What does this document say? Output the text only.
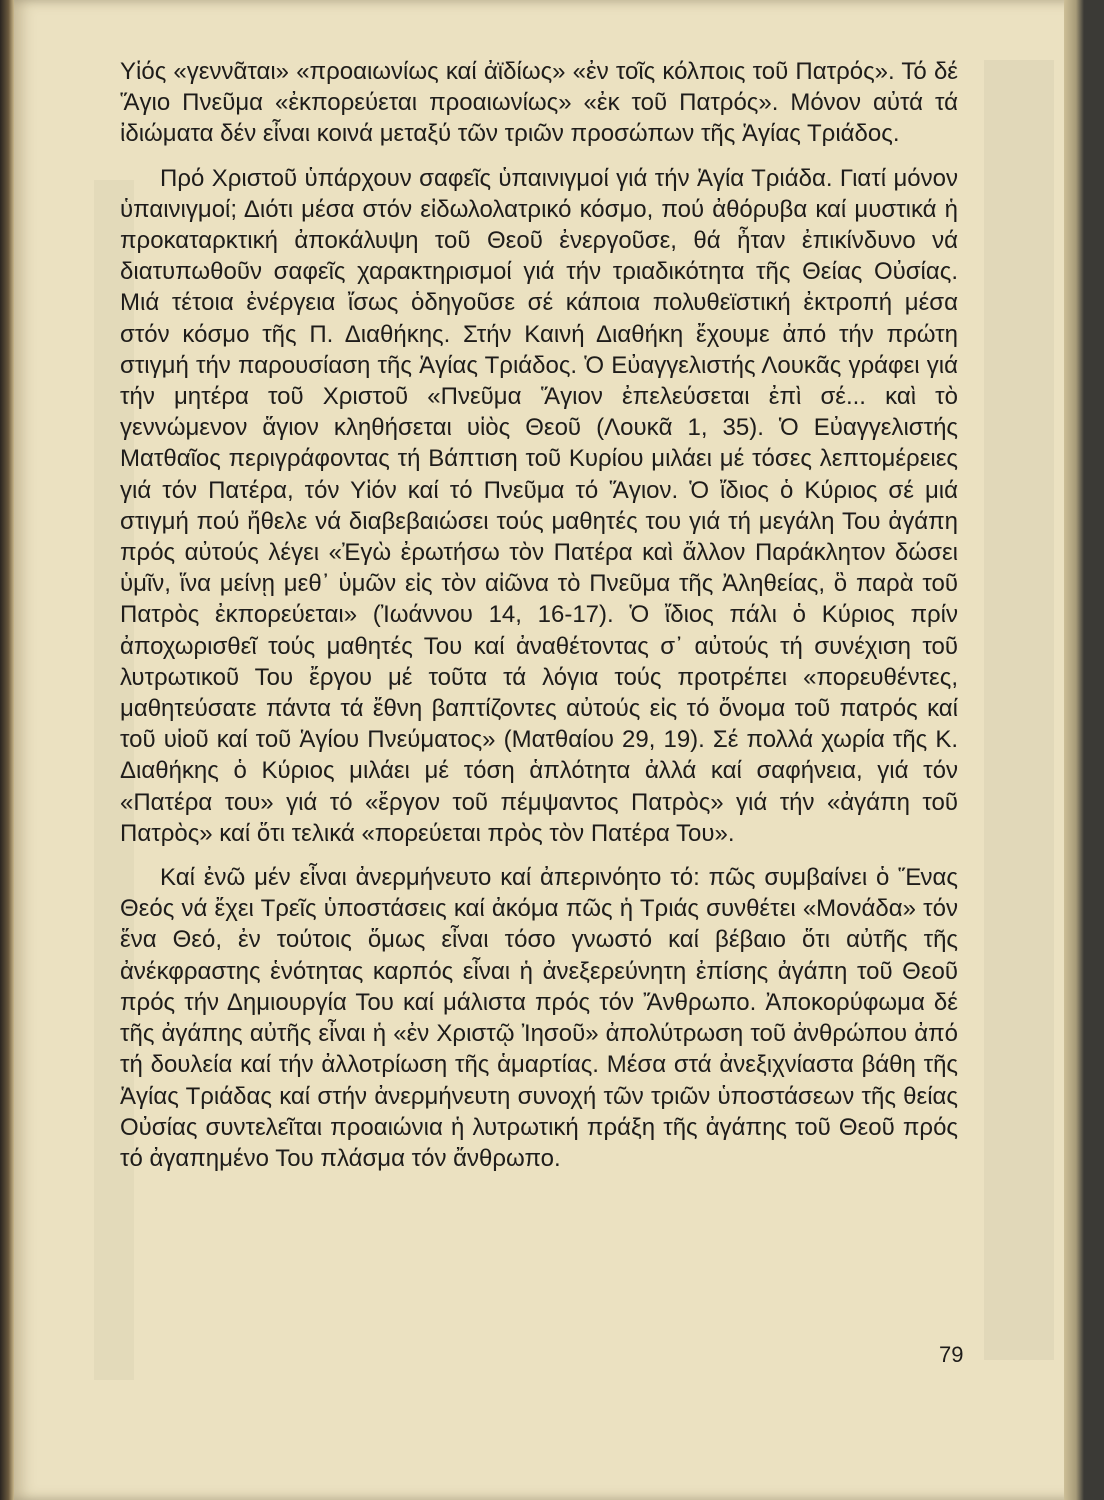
Υἱός «γεννᾶται» «προαιωνίως καί ἀϊδίως» «ἐν τοῖς κόλποις τοῦ Πατρός». Τό δέ Ἅγιο Πνεῦμα «ἐκπορεύεται προαιωνίως» «ἐκ τοῦ Πατρός». Μόνον αὐτά τά ἰδιώματα δέν εἶναι κοινά μεταξύ τῶν τριῶν προσώπων τῆς Ἁγίας Τριάδος.

Πρό Χριστοῦ ὑπάρχουν σαφεῖς ὑπαινιγμοί γιά τήν Ἁγία Τριάδα. Γιατί μόνον ὑπαινιγμοί; Διότι μέσα στόν εἰδωλολατρικό κόσμο, πού ἀθόρυβα καί μυστικά ἡ προκαταρκτική ἀποκάλυψη τοῦ Θεοῦ ἐνεργοῦσε, θά ἦταν ἐπικίνδυνο νά διατυπωθοῦν σαφεῖς χαρακτηρισμοί γιά τήν τριαδικότητα τῆς Θείας Οὐσίας. Μιά τέτοια ἐνέργεια ἴσως ὁδηγοῦσε σέ κάποια πολυθεϊστική ἐκτροπή μέσα στόν κόσμο τῆς Π. Διαθήκης. Στήν Καινή Διαθήκη ἔχουμε ἀπό τήν πρώτη στιγμή τήν παρουσίαση τῆς Ἁγίας Τριάδος. Ὁ Εὐαγγελιστής Λουκᾶς γράφει γιά τήν μητέρα τοῦ Χριστοῦ «Πνεῦμα Ἅγιον ἐπελεύσεται ἐπὶ σέ... καὶ τὸ γεννώμενον ἅγιον κληθήσεται υἱὸς Θεοῦ (Λουκᾶ 1, 35). Ὁ Εὐαγγελιστής Ματθαῖος περιγράφοντας τή Βάπτιση τοῦ Κυρίου μιλάει μέ τόσες λεπτομέρειες γιά τόν Πατέρα, τόν Υἱόν καί τό Πνεῦμα τό Ἅγιον. Ὁ ἴδιος ὁ Κύριος σέ μιά στιγμή πού ἤθελε νά διαβεβαιώσει τούς μαθητές του γιά τή μεγάλη Του ἀγάπη πρός αὐτούς λέγει «Ἐγὼ ἐρωτήσω τὸν Πατέρα καὶ ἄλλον Παράκλητον δώσει ὑμῖν, ἵνα μείνῃ μεθ᾽ ὑμῶν εἰς τὸν αἰῶνα τὸ Πνεῦμα τῆς Ἀληθείας, ὃ παρὰ τοῦ Πατρὸς ἐκπορεύεται» (Ἰωάννου 14, 16-17). Ὁ ἴδιος πάλι ὁ Κύριος πρίν ἀποχωρισθεῖ τούς μαθητές Του καί ἀναθέτοντας σ᾽ αὐτούς τή συνέχιση τοῦ λυτρωτικοῦ Του ἔργου μέ τοῦτα τά λόγια τούς προτρέπει «πορευθέντες, μαθητεύσατε πάντα τά ἔθνη βαπτίζοντες αὐτούς εἰς τό ὄνομα τοῦ πατρός καί τοῦ υἱοῦ καί τοῦ Ἁγίου Πνεύματος» (Ματθαίου 29, 19). Σέ πολλά χωρία τῆς Κ. Διαθήκης ὁ Κύριος μιλάει μέ τόση ἁπλότητα ἀλλά καί σαφήνεια, γιά τόν «Πατέρα του» γιά τό «ἔργον τοῦ πέμψαντος Πατρὸς» γιά τήν «ἀγάπη τοῦ Πατρὸς» καί ὅτι τελικά «πορεύεται πρὸς τὸν Πατέρα Του».

Καί ἐνῶ μέν εἶναι ἀνερμήνευτο καί ἀπερινόητο τό: πῶς συμβαίνει ὁ Ἕνας Θεός νά ἔχει Τρεῖς ὑποστάσεις καί ἀκόμα πῶς ἡ Τριάς συνθέτει «Μονάδα» τόν ἕνα Θεό, ἐν τούτοις ὅμως εἶναι τόσο γνωστό καί βέβαιο ὅτι αὐτῆς τῆς ἀνέκφραστης ἑνότητας καρπός εἶναι ἡ ἀνεξερεύνητη ἐπίσης ἀγάπη τοῦ Θεοῦ πρός τήν Δημιουργία Του καί μάλιστα πρός τόν Ἄνθρωπο. Ἀποκορύφωμα δέ τῆς ἀγάπης αὐτῆς εἶναι ἡ «ἐν Χριστῷ Ἰησοῦ» ἀπολύτρωση τοῦ ἀνθρώπου ἀπό τή δουλεία καί τήν ἀλλοτρίωση τῆς ἁμαρτίας. Μέσα στά ἀνεξιχνίαστα βάθη τῆς Ἁγίας Τριάδας καί στήν ἀνερμήνευτη συνοχή τῶν τριῶν ὑποστάσεων τῆς θείας Οὐσίας συντελεῖται προαιώνια ἡ λυτρωτική πράξη τῆς ἀγάπης τοῦ Θεοῦ πρός τό ἀγαπημένο Του πλάσμα τόν ἄνθρωπο.

79
